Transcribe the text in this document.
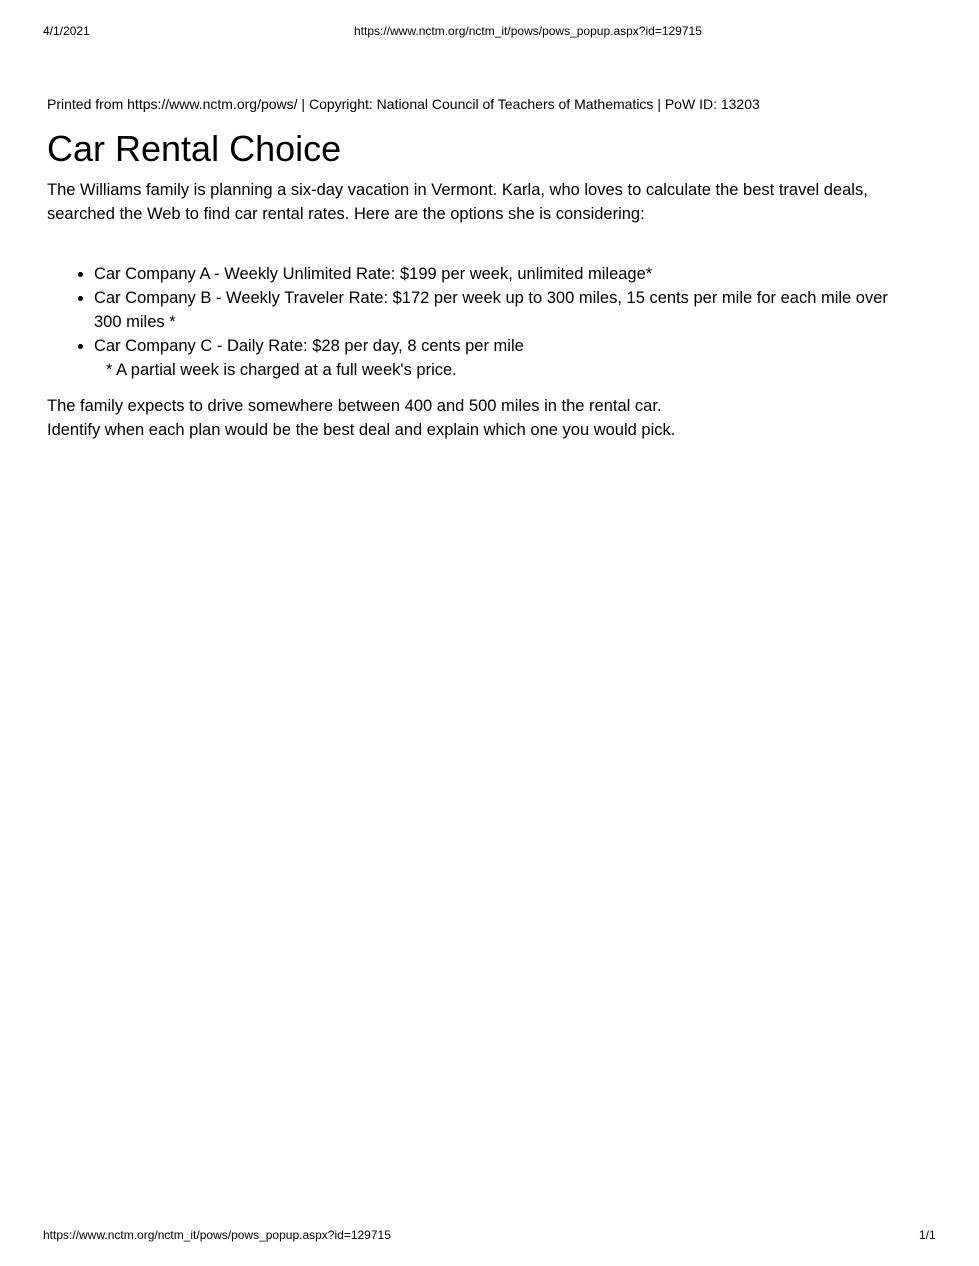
4/1/2021	https://www.nctm.org/nctm_it/pows/pows_popup.aspx?id=129715
Printed from https://www.nctm.org/pows/ | Copyright: National Council of Teachers of Mathematics | PoW ID: 13203
Car Rental Choice

The Williams family is planning a six-day vacation in Vermont. Karla, who loves to calculate the best travel deals, searched the Web to find car rental rates. Here are the options she is considering:

• Car Company A - Weekly Unlimited Rate: $199 per week, unlimited mileage*
• Car Company B - Weekly Traveler Rate: $172 per week up to 300 miles, 15 cents per mile for each mile over 300 miles *
• Car Company C - Daily Rate: $28 per day, 8 cents per mile
* A partial week is charged at a full week's price.
The family expects to drive somewhere between 400 and 500 miles in the rental car.
Identify when each plan would be the best deal and explain which one you would pick.
https://www.nctm.org/nctm_it/pows/pows_popup.aspx?id=129715	1/1
